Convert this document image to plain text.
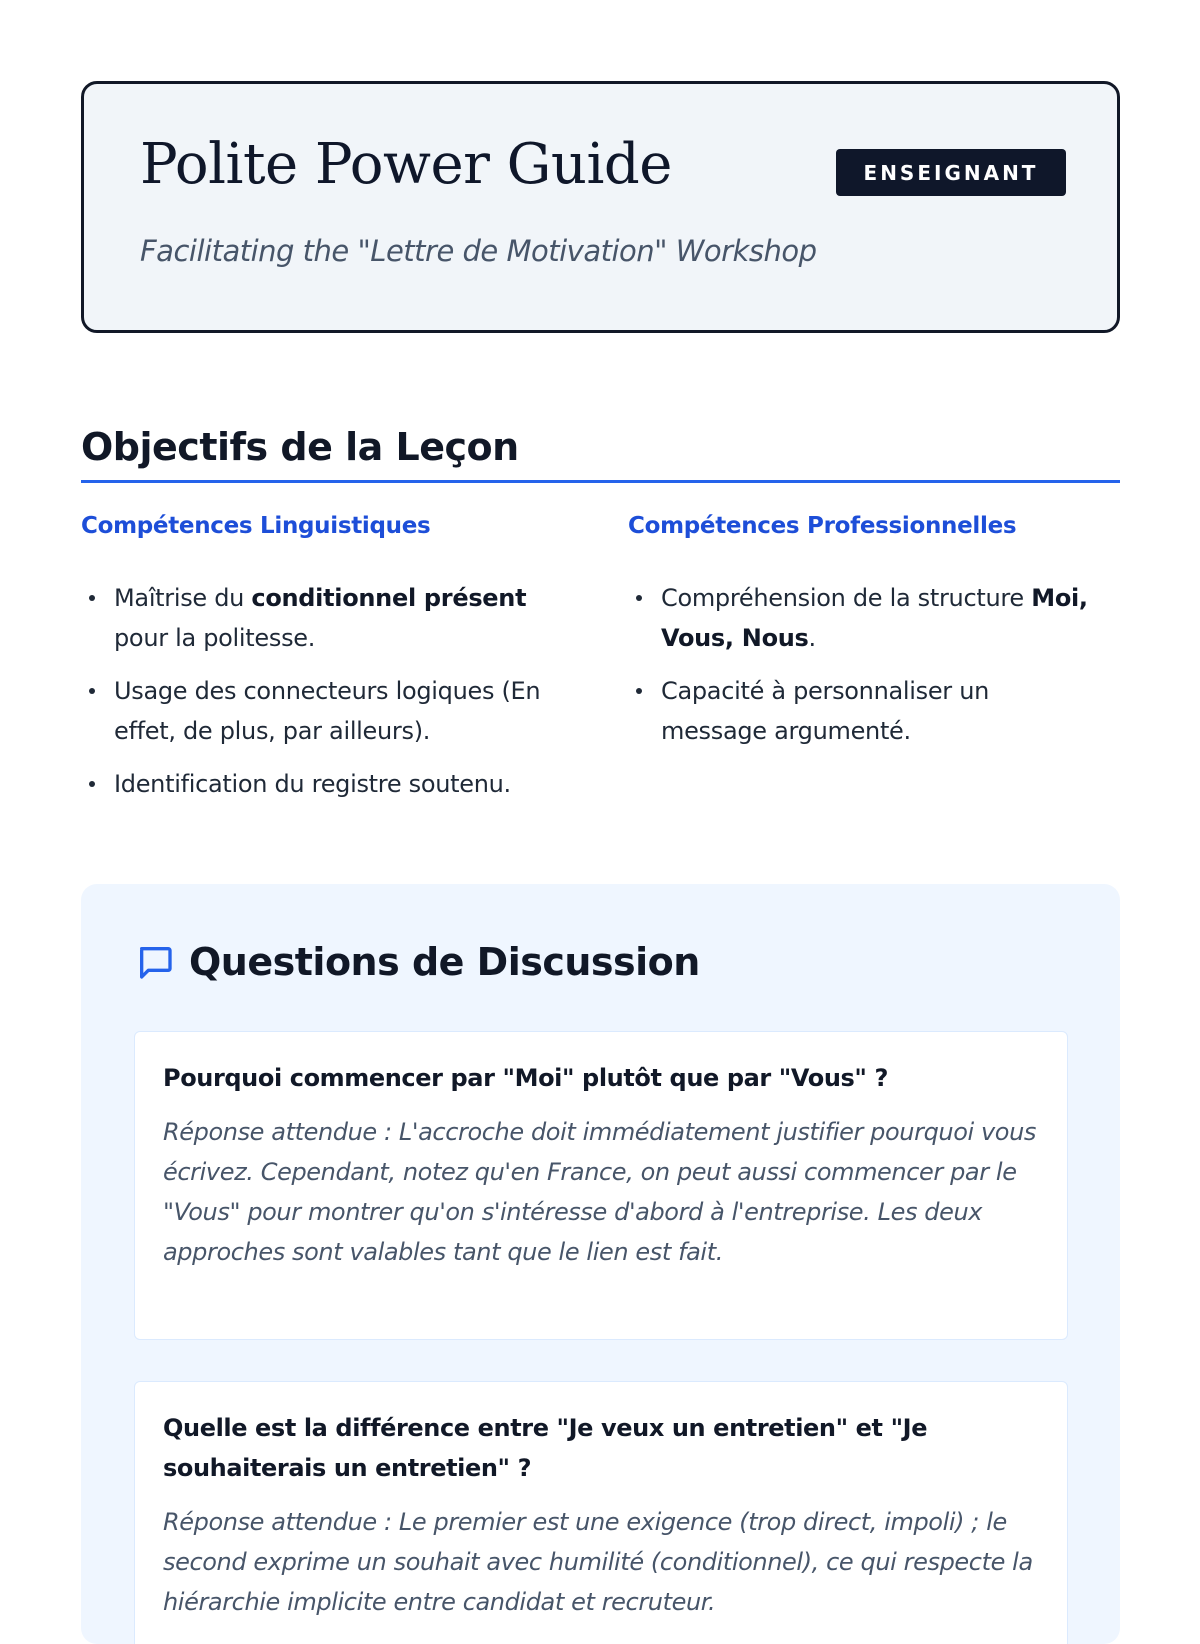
Polite Power Guide	ENSEIGNANT

Facilitating the "Lettre de Motivation" Workshop

Objectifs de la Leçon
Compétences Linguistiques
Maîtrise du conditionnel présent pour la politesse.
Usage des connecteurs logiques (En effet, de plus, par ailleurs).
Identification du registre soutenu.
Compétences Professionnelles
Compréhension de la structure Moi, Vous, Nous.
Capacité à personnaliser un message argumenté.
Questions de Discussion

Pourquoi commencer par "Moi" plutôt que par "Vous" ?

Réponse attendue : L'accroche doit immédiatement justifier pourquoi vous écrivez. Cependant, notez qu'en France, on peut aussi commencer par le "Vous" pour montrer qu'on s'intéresse d'abord à l'entreprise. Les deux approches sont valables tant que le lien est fait.

Quelle est la différence entre "Je veux un entretien" et "Je souhaiterais un entretien" ?

Réponse attendue : Le premier est une exigence (trop direct, impoli) ; le second exprime un souhait avec humilité (conditionnel), ce qui respecte la hiérarchie implicite entre candidat et recruteur.
